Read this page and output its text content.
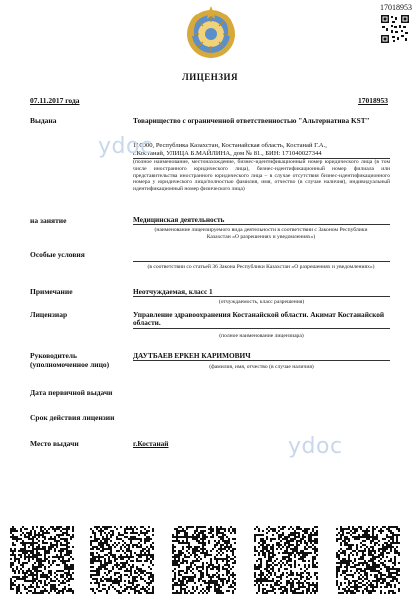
17018953
ЛИЦЕНЗИЯ
07.11.2017 года	17018953
Выдана	Товарищество с ограниченной ответственностью "Альтернатива KST"
110000, Республика Казахстан, Костанайская область, Костанай Г.А.,
г.Костанай, УЛИЦА Б.МАЙЛИНА, дом № 81., БИН: 171040027344
(полное наименование, местонахождение, бизнес-идентификационный номер юридического лица (в том числе иностранного юридического лица), бизнес-идентификационный номер филиала или представительства иностранного юридического лица – в случае отсутствия бизнес-идентификационного номера у юридического лица/полностью фамилия, имя, отчество (в случае наличия), индивидуальный идентификационный номер физического лица)
на занятие	Медицинская деятельность
(наименование лицензируемого вида деятельности в соответствии с Законом Республики Казахстан «О разрешениях и уведомлениях»)
Особые условия
(в соответствии со статьей 36 Закона Республики Казахстан «О разрешениях и уведомлениях»)
Примечание	Неотчуждаемая, класс 1
(отчуждаемость, класс разрешения)
Лицензиар	Управление здравоохранения Костанайской области. Акимат Костанайской области.
(полное наименование лицензиара)
Руководитель (уполномоченное лицо)
ДАУТБАЕВ ЕРКЕН КАРИМОВИЧ
(фамилия, имя, отчество (в случае наличия)
Дата первичной выдачи
Срок действия лицензии
Место выдачи	г.Костанай
ydoc
ydoc
